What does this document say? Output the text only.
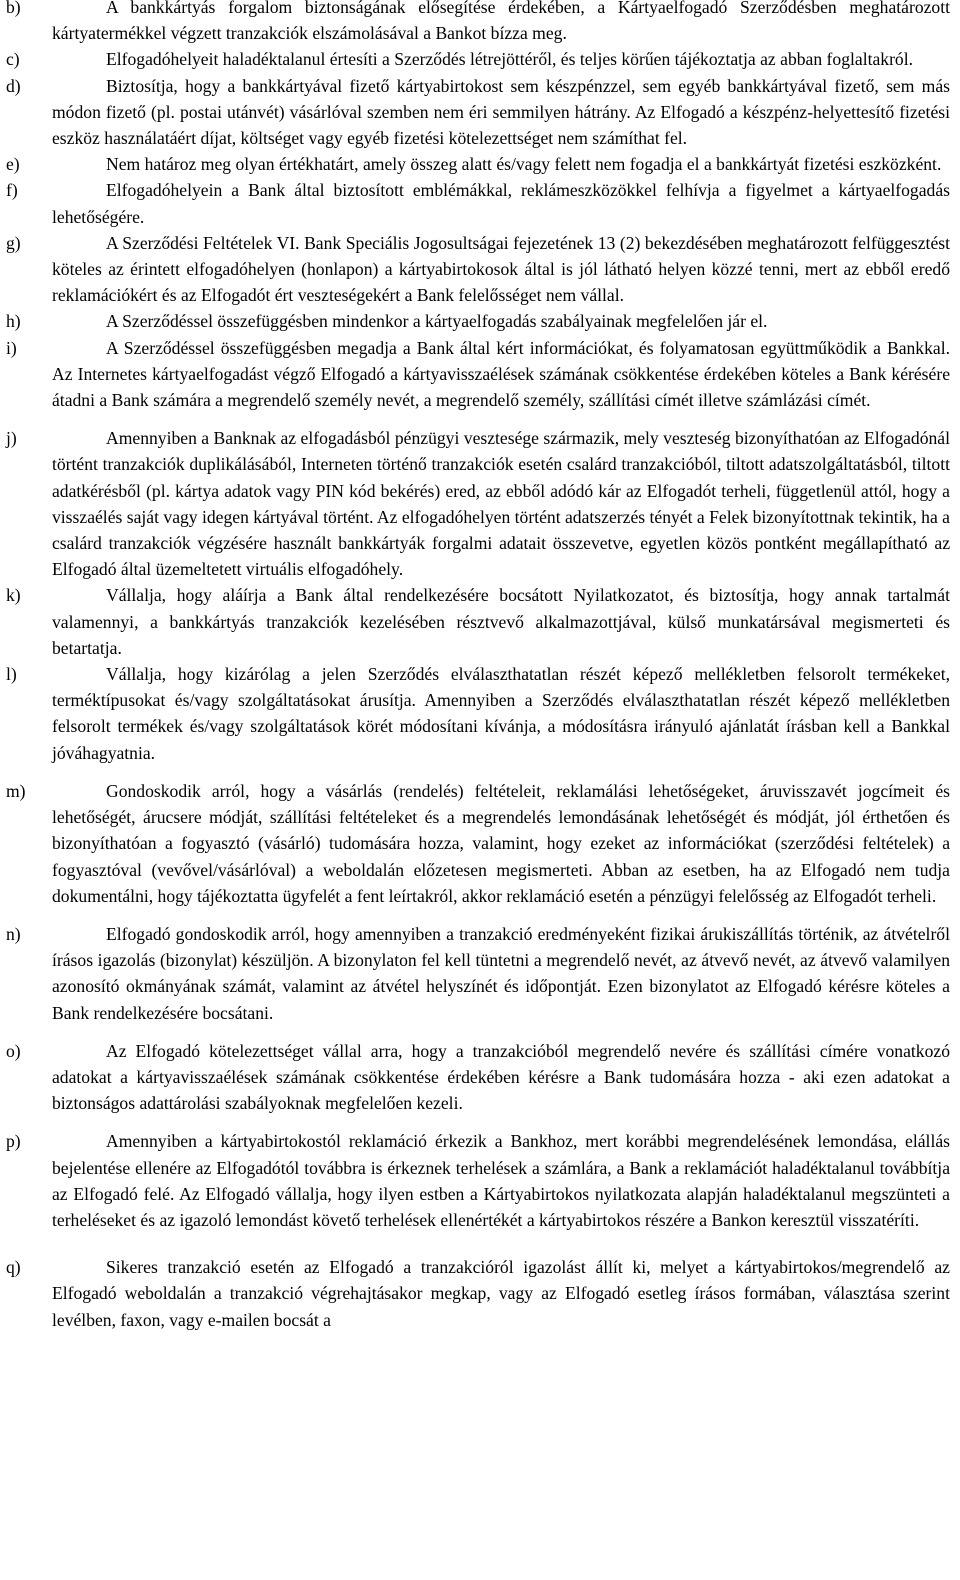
b)	A bankkártyás forgalom biztonságának elősegítése érdekében, a Kártyaelfogadó Szerződésben meghatározott kártyatermékkel végzett tranzakciók elszámolásával a Bankot bízza meg.
c)	Elfogadóhelyeit haladéktalanul értesíti a Szerződés létrejöttéről, és teljes körűen tájékoztatja az abban foglaltakról.
d)	Biztosítja, hogy a bankkártyával fizető kártyabirtokost sem készpénzzel, sem egyéb bankkártyával fizető, sem más módon fizető (pl. postai utánvét) vásárlóval szemben nem éri semmilyen hátrány. Az Elfogadó a készpénz-helyettesítő fizetési eszköz használatáért díjat, költséget vagy egyéb fizetési kötelezettséget nem számíthat fel.
e)	Nem határoz meg olyan értékhatárt, amely összeg alatt és/vagy felett nem fogadja el a bankkártyát fizetési eszközként.
f)	Elfogadóhelyein a Bank által biztosított emblémákkal, reklámeszközökkel felhívja a figyelmet a kártyaelfogadás lehetőségére.
g)	A Szerződési Feltételek VI. Bank Speciális Jogosultságai fejezetének 13 (2) bekezdésében meghatározott felfüggesztést köteles az érintett elfogadóhelyen (honlapon) a kártyabirtokosok által is jól látható helyen közzé tenni, mert az ebből eredő reklamációkért és az Elfogadót ért veszteségekért a Bank felelősséget nem vállal.
h)	A Szerződéssel összefüggésben mindenkor a kártyaelfogadás szabályainak megfelelően jár el.
i)	A Szerződéssel összefüggésben megadja a Bank által kért információkat, és folyamatosan együttműködik a Bankkal. Az Internetes kártyaelfogadást végző Elfogadó a kártyavisszaélések számának csökkentése érdekében köteles a Bank kérésére átadni a Bank számára a megrendelő személy nevét, a megrendelő személy, szállítási címét illetve számlázási címét.
j)	Amennyiben a Banknak az elfogadásból pénzügyi vesztesége származik, mely veszteség bizonyíthatóan az Elfogadónál történt tranzakciók duplikálásából, Interneten történő tranzakciók esetén csalárd tranzakcióból, tiltott adatszolgáltatásból, tiltott adatkérésből (pl. kártya adatok vagy PIN kód bekérés) ered, az ebből adódó kár az Elfogadót terheli, függetlenül attól, hogy a visszaélés saját vagy idegen kártyával történt. Az elfogadóhelyen történt adatszerzés tényét a Felek bizonyítottnak tekintik, ha a csalárd tranzakciók végzésére használt bankkártyák forgalmi adatait összevetve, egyetlen közös pontként megállapítható az Elfogadó által üzemeltetett virtuális elfogadóhely.
k)	Vállalja, hogy aláírja a Bank által rendelkezésére bocsátott Nyilatkozatot, és biztosítja, hogy annak tartalmát valamennyi, a bankkártyás tranzakciók kezelésében résztvevő alkalmazottjával, külső munkatársával megismerteti és betartatja.
l)	Vállalja, hogy kizárólag a jelen Szerződés elválaszthatatlan részét képező mellékletben felsorolt termékeket, terméktípusokat és/vagy szolgáltatásokat árusítja. Amennyiben a Szerződés elválaszthatatlan részét képező mellékletben felsorolt termékek és/vagy szolgáltatások körét módosítani kívánja, a módosításra irányuló ajánlatát írásban kell a Bankkal jóváhagyatnia.
m)	Gondoskodik arról, hogy a vásárlás (rendelés) feltételeit, reklamálási lehetőségeket, áruvisszavét jogcímeit és lehetőségét, árucsere módját, szállítási feltételeket és a megrendelés lemondásának lehetőségét és módját, jól érthetően és bizonyíthatóan a fogyasztó (vásárló) tudomására hozza, valamint, hogy ezeket az információkat (szerződési feltételek) a fogyasztóval (vevővel/vásárlóval) a weboldalán előzetesen megismerteti. Abban az esetben, ha az Elfogadó nem tudja dokumentálni, hogy tájékoztatta ügyfelét a fent leírtakról, akkor reklamáció esetén a pénzügyi felelősség az Elfogadót terheli.
n)	Elfogadó gondoskodik arról, hogy amennyiben a tranzakció eredményeként fizikai árukiszállítás történik, az átvételről írásos igazolás (bizonylat) készüljön. A bizonylaton fel kell tüntetni a megrendelő nevét, az átvevő nevét, az átvevő valamilyen azonosító okmányának számát, valamint az átvétel helyszínét és időpontját. Ezen bizonylatot az Elfogadó kérésre köteles a Bank rendelkezésére bocsátani.
o)	Az Elfogadó kötelezettséget vállal arra, hogy a tranzakcióból megrendelő nevére és szállítási címére vonatkozó adatokat a kártyavisszaélések számának csökkentése érdekében kérésre a Bank tudomására hozza - aki ezen adatokat a biztonságos adattárolási szabályoknak megfelelően kezeli.
p)	Amennyiben a kártyabirtokostól reklamáció érkezik a Bankhoz, mert korábbi megrendelésének lemondása, elállás bejelentése ellenére az Elfogadótól továbbra is érkeznek terhelések a számlára, a Bank a reklamációt haladéktalanul továbbítja az Elfogadó felé. Az Elfogadó vállalja, hogy ilyen estben a Kártyabirtokos nyilatkozata alapján haladéktalanul megszünteti a terheléseket és az igazoló lemondást követő terhelések ellenértékét a kártyabirtokos részére a Bankon keresztül visszatéríti.
q)	Sikeres tranzakció esetén az Elfogadó a tranzakcióról igazolást állít ki, melyet a kártyabirtokos/megrendelő az Elfogadó weboldalán a tranzakció végrehajtásakor megkap, vagy az Elfogadó esetleg írásos formában, választása szerint levélben, faxon, vagy e-mailen bocsát a
